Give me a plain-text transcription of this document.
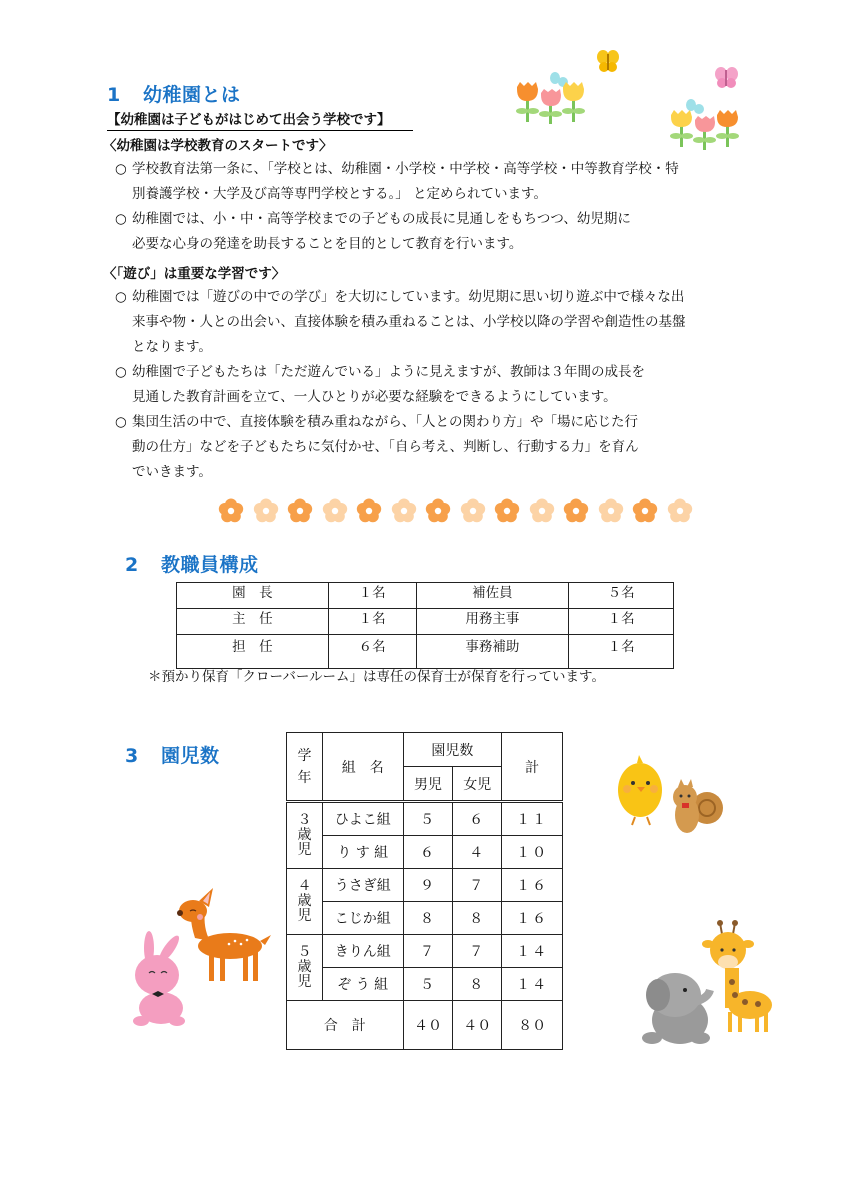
1 幼稚園とは
【幼稚園は子どもがはじめて出会う学校です】
〈幼稚園は学校教育のスタートです〉

○ 学校教育法第一条に、「学校とは、幼稚園・小学校・中学校・高等学校・中等教育学校・特
別養護学校・大学及び高等専門学校とする。」 と定められています。

○ 幼稚園では、小・中・高等学校までの子どもの成長に見通しをもちつつ、幼児期に
必要な心身の発達を助長することを目的として教育を行います。

〈「遊び」は重要な学習です〉

○ 幼稚園では「遊びの中での学び」を大切にしています。幼児期に思い切り遊ぶ中で様々な出
来事や物・人との出会い、直接体験を積み重ねることは、小学校以降の学習や創造性の基盤
となります。

○ 幼稚園で子どもたちは「ただ遊んでいる」ように見えますが、教師は３年間の成長を
見通した教育計画を立て、一人ひとりが必要な経験をできるようにしています。

○ 集団生活の中で、直接体験を積み重ねながら、「人との関わり方」や「場に応じた行
動の仕方」などを子どもたちに気付かせ、「自ら考え、判断し、行動する力」を育ん
でいきます。

2 教職員構成
園　長	１名	補佐員	５名
主　任	１名	用務主事	１名
担　任	６名	事務補助	１名
＊預かり保育「クローバールーム」は専任の保育士が保育を行っています。
3 園児数	学
年	組　名	園児数		計
		男児	女児	
３
歳
児	ひよこ組	５	６	１１
	り す 組	６	４	１０
４
歳
児	うさぎ組	９	７	１６
	こじか組	８	８	１６
５
歳
児	きりん組	７	７	１４
	ぞ う 組	５	８	１４
合　計		４０	４０	８０
